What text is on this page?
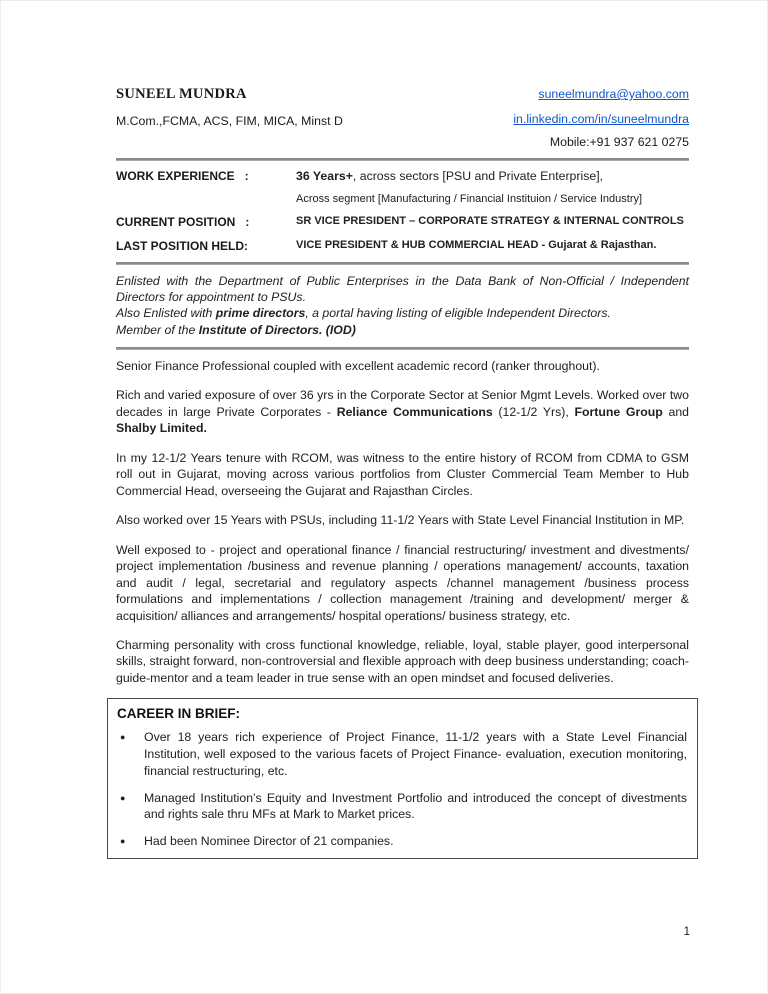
SUNEEL MUNDRA	suneelmundra@yahoo.com
M.Com.,FCMA, ACS, FIM, MICA, Minst D	in.linkedin.com/in/suneelmundra
Mobile:+91 937 621 0275
WORK EXPERIENCE   :	36 Years+, across sectors [PSU and Private Enterprise],
Across segment [Manufacturing / Financial Instituion / Service Industry]
CURRENT POSITION   :	SR VICE PRESIDENT – CORPORATE STRATEGY & INTERNAL CONTROLS
LAST POSITION HELD:	VICE PRESIDENT & HUB COMMERCIAL HEAD - Gujarat & Rajasthan.

Enlisted with the Department of Public Enterprises in the Data Bank of Non-Official / Independent Directors for appointment to PSUs.

Also Enlisted with prime directors, a portal having listing of eligible Independent Directors.

Member of the Institute of Directors. (IOD)

Senior Finance Professional coupled with excellent academic record (ranker throughout).

Rich and varied exposure of over 36 yrs in the Corporate Sector at Senior Mgmt Levels. Worked over two decades in large Private Corporates - Reliance Communications (12-1/2 Yrs), Fortune Group and Shalby Limited.

In my 12-1/2 Years tenure with RCOM, was witness to the entire history of RCOM from CDMA to GSM roll out in Gujarat, moving across various portfolios from Cluster Commercial Team Member to Hub Commercial Head, overseeing the Gujarat and Rajasthan Circles.

Also worked over 15 Years with PSUs, including 11-1/2 Years with State Level Financial Institution in MP.

Well exposed to - project and operational finance / financial restructuring/ investment and divestments/ project implementation /business and revenue planning / operations management/ accounts, taxation and audit / legal, secretarial and regulatory aspects /channel management /business process formulations and implementations / collection management /training and development/ merger & acquisition/ alliances and arrangements/ hospital operations/ business strategy, etc.

Charming personality with cross functional knowledge, reliable, loyal, stable player, good interpersonal skills, straight forward, non-controversial and flexible approach with deep business understanding; coach-guide-mentor and a team leader in true sense with an open mindset and focused deliveries.

CAREER IN BRIEF:
● Over 18 years rich experience of Project Finance, 11-1/2 years with a State Level Financial Institution, well exposed to the various facets of Project Finance- evaluation, execution monitoring, financial restructuring, etc.
● Managed Institution’s Equity and Investment Portfolio and introduced the concept of divestments and rights sale thru MFs at Mark to Market prices.
● Had been Nominee Director of 21 companies.
1
